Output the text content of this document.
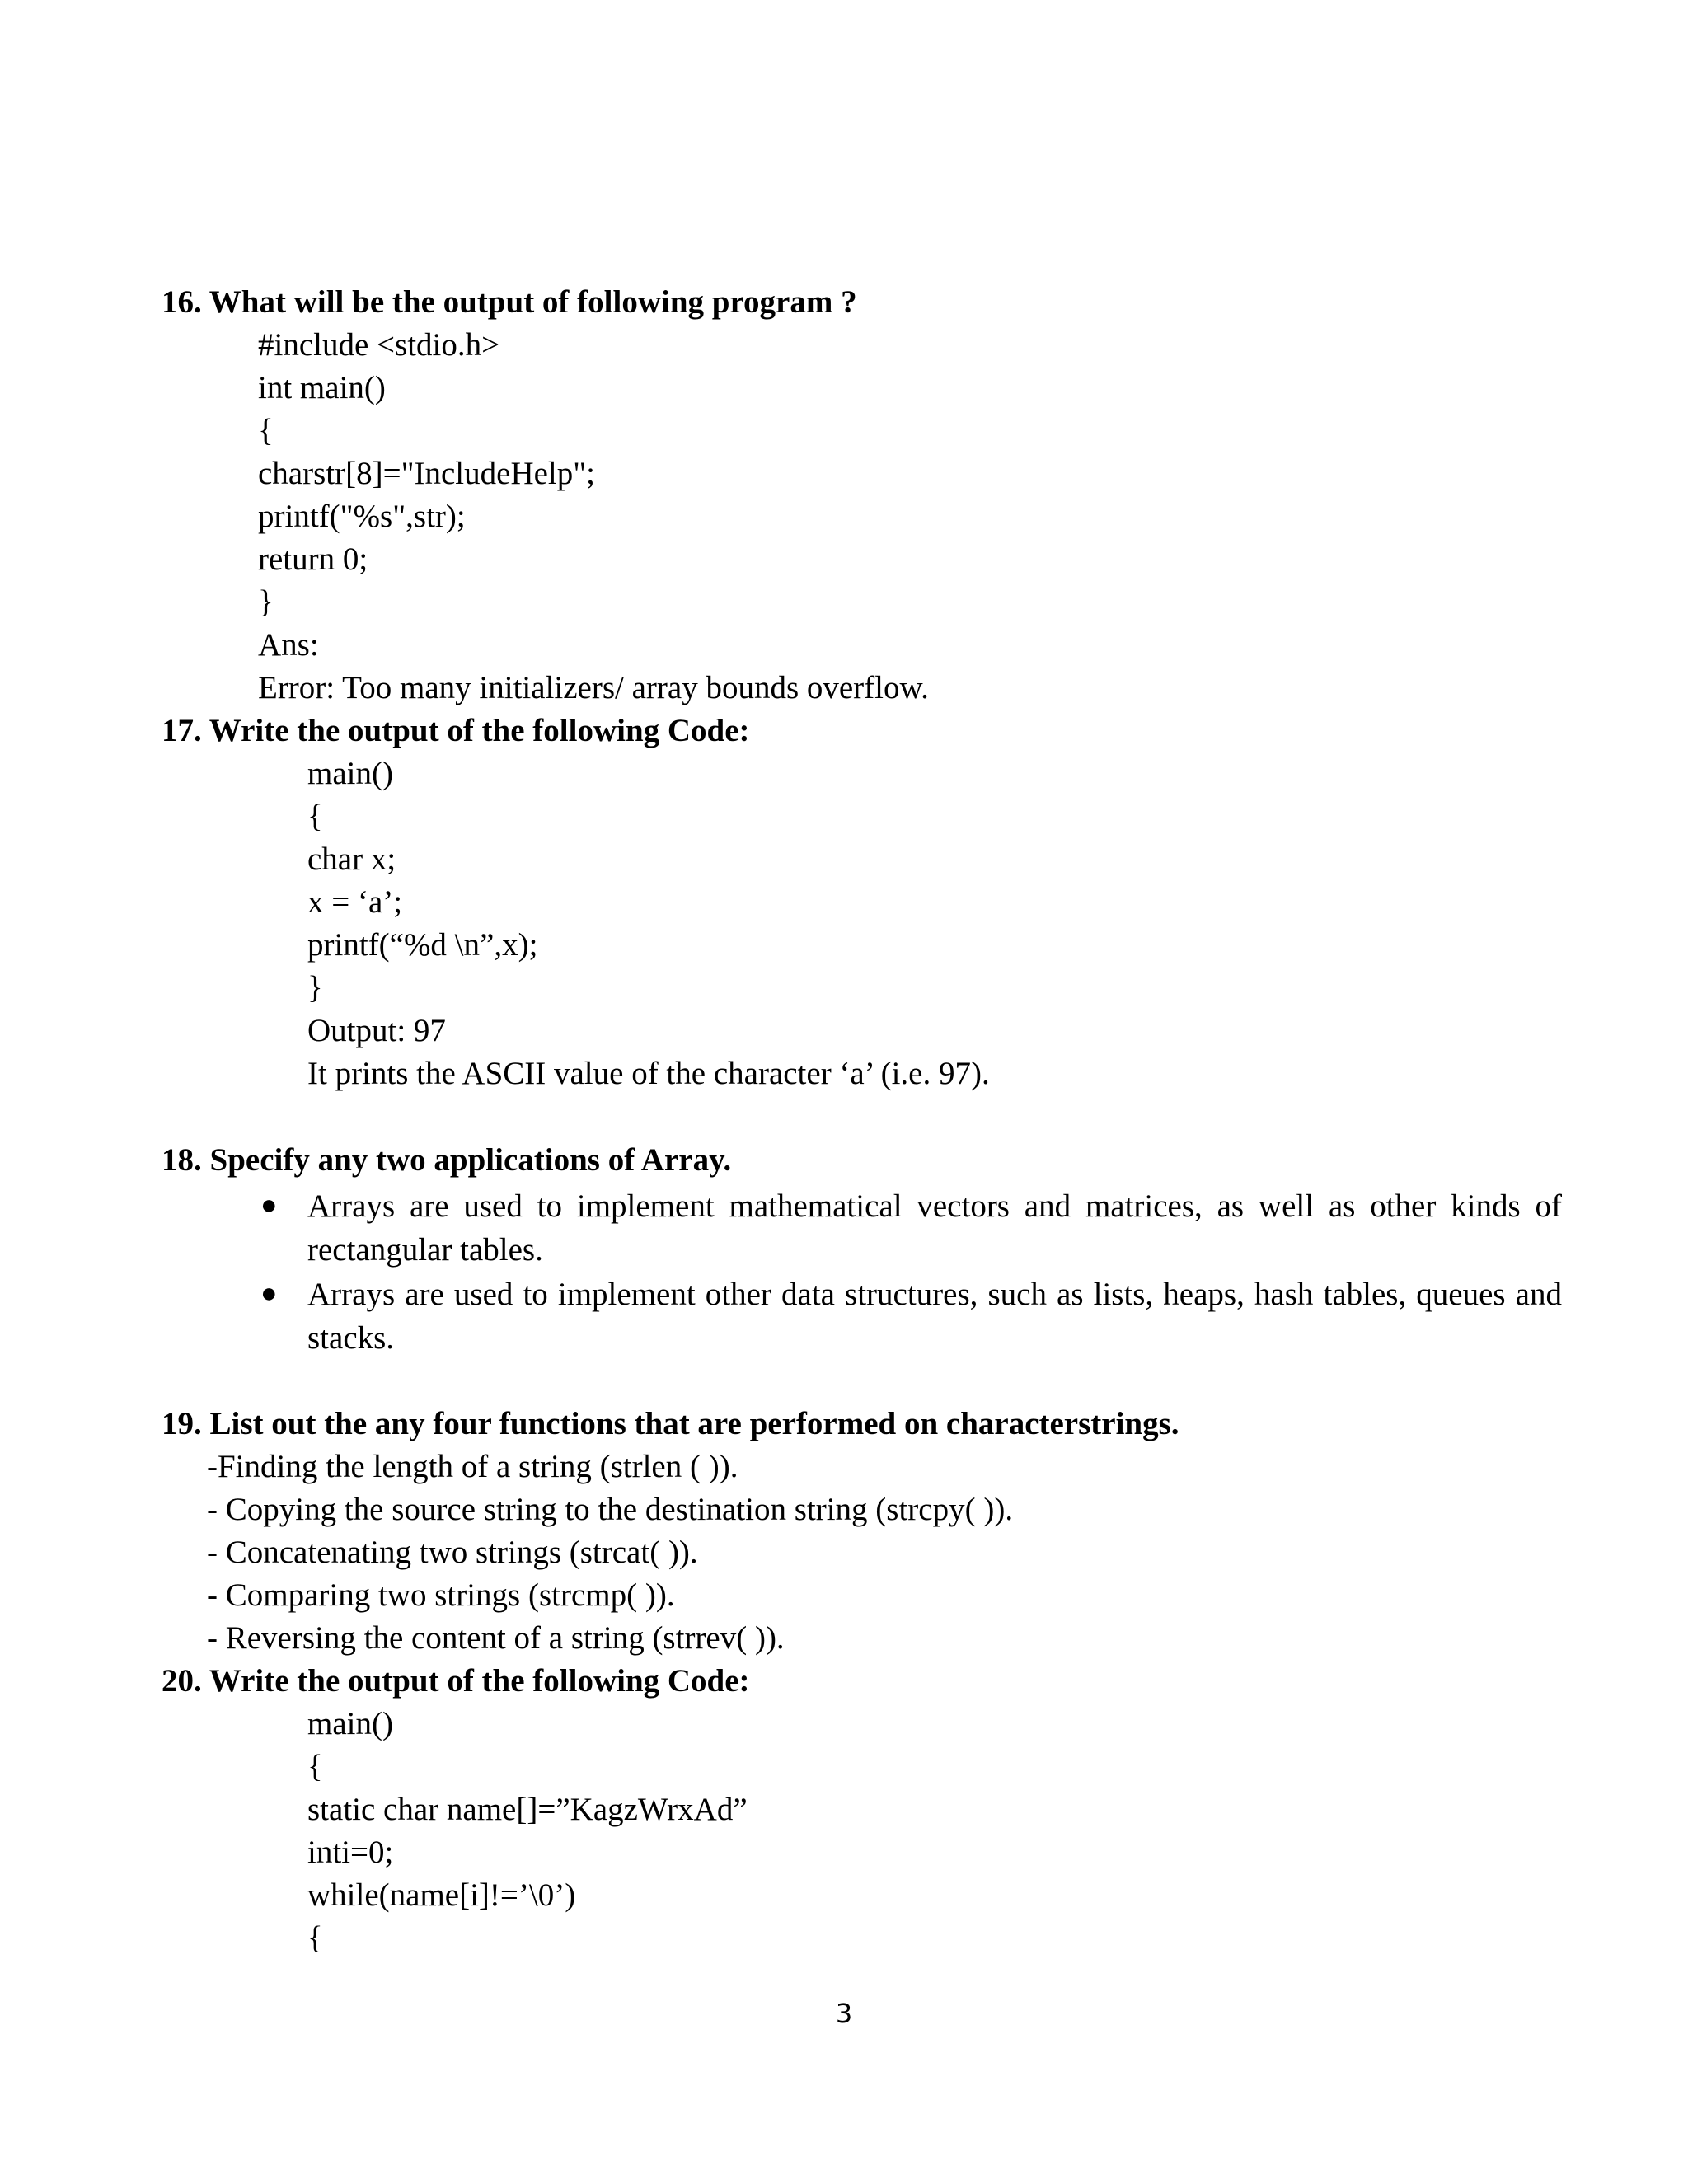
16. What will be the output of following program ?
#include <stdio.h>
int main()
{
charstr[8]="IncludeHelp";
printf("%s",str);
return 0;
}
Ans:
Error: Too many initializers/ array bounds overflow.
17. Write the output of the following Code:
main()
{
char x;
x = ‘a’;
printf(“%d \n”,x);
}
Output: 97
It prints the ASCII value of the character ‘a’ (i.e. 97).
18. Specify any two applications of Array.
● Arrays are used to implement mathematical vectors and matrices, as well as other kinds of rectangular tables.
● Arrays are used to implement other data structures, such as lists, heaps, hash tables, queues and stacks.
19. List out the any four functions that are performed on characterstrings.
-Finding the length of a string (strlen ( )).
- Copying the source string to the destination string (strcpy( )).
- Concatenating two strings (strcat( )).
- Comparing two strings (strcmp( )).
- Reversing the content of a string (strrev( )).
20. Write the output of the following Code:
main()
{
static char name[]=”KagzWrxAd”
inti=0;
while(name[i]!=’\0’)
{
3
